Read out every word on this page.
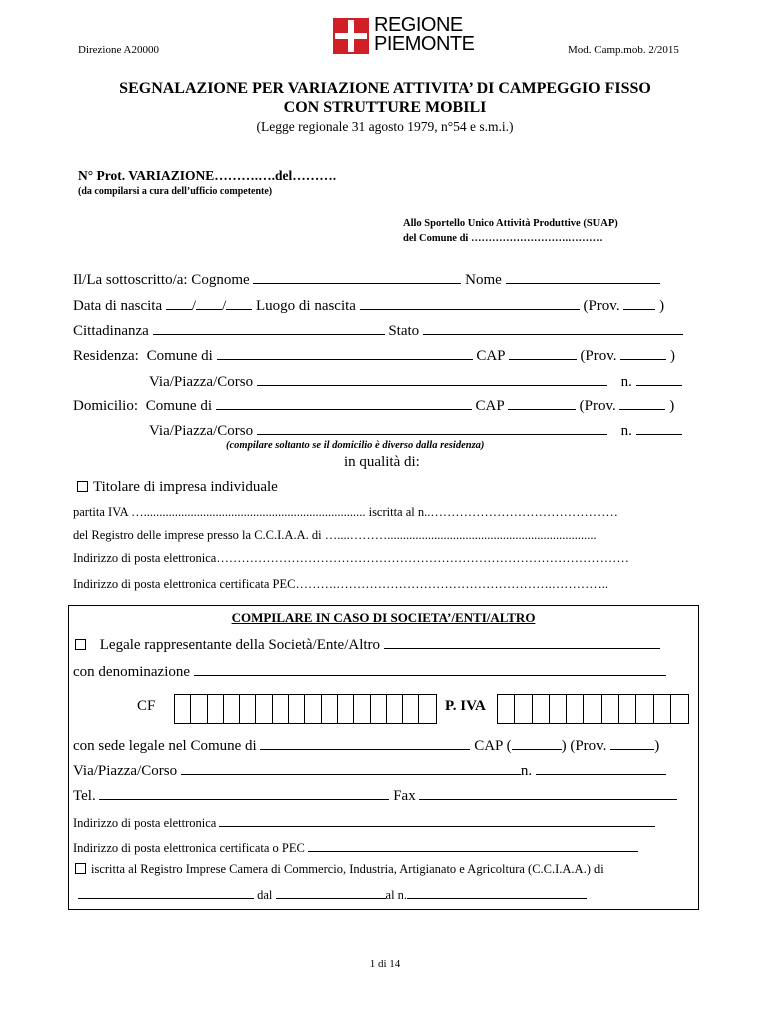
Direzione A20000	Mod. Camp.mob. 2/2015
REGIONE
PIEMONTE
SEGNALAZIONE PER VARIAZIONE ATTIVITA’ DI CAMPEGGIO FISSO
CON STRUTTURE MOBILI
(Legge regionale 31 agosto 1979, n°54 e s.m.i.)
N° Prot. VARIAZIONE……….….del……….
(da compilarsi a cura dell’ufficio competente)
Allo Sportello Unico Attività Produttive (SUAP)
del Comune di ……………………….……….
Il/La sottoscritto/a: Cognome	Nome
Data di nascita / / Luogo di nascita	(Prov.	)
Cittadinanza	Stato
Residenza: Comune di	CAP	(Prov.	)
Via/Piazza/Corso	n.
Domicilio: Comune di	CAP	(Prov.	)
Via/Piazza/Corso	n.
(compilare soltanto se il domicilio è diverso dalla residenza)
in qualità di:
Titolare di impresa individuale
partita IVA …....................................................................... iscritta al n..………………………………………
del Registro delle imprese presso la C.C.I.A.A. di …....………...................................................................
Indirizzo di posta elettronica………………………………………………………………………………………
Indirizzo di posta elettronica certificata PEC……….…………………………………………….…………..
COMPILARE IN CASO DI SOCIETA’/ENTI/ALTRO
Legale rappresentante della Società/Ente/Altro
con denominazione
CF	P. IVA
con sede legale nel Comune di	CAP (	) (Prov.	)
Via/Piazza/Corso	n.
Tel.	Fax
Indirizzo di posta elettronica
Indirizzo di posta elettronica certificata o PEC
iscritta al Registro Imprese Camera di Commercio, Industria, Artigianato e Agricoltura (C.C.I.A.A.) di
dal	al n.
1 di 14
